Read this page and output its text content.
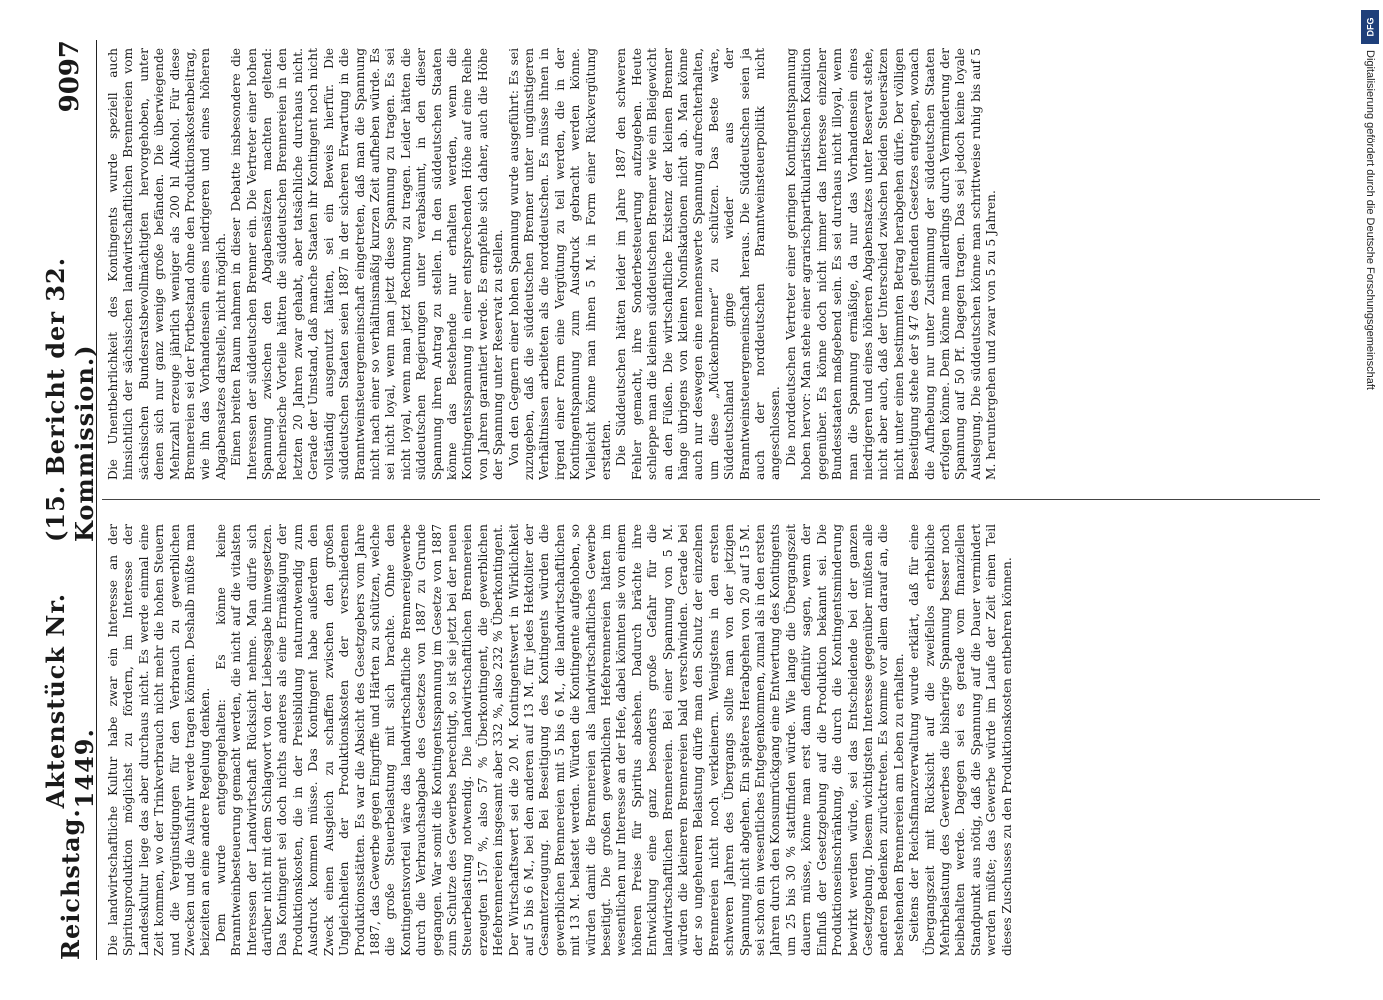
Reichstag.
Aktenstück Nr. 1449.
(15. Bericht der 32. Kommission.)
9097

Die landwirtschaftliche Kultur habe zwar ein Interesse an der Spiritusproduktion möglichst zu fördern, im Interesse der Landeskultur liege das aber durchaus nicht. Es werde einmal eine Zeit kommen, wo der Trinkverbrauch nicht mehr die hohen Steuern und die Vergünstigungen für den Verbrauch zu gewerblichen Zwecken und die Ausfuhr werde tragen können. Deshalb müßte man beizeiten an eine andere Regelung denken. Dem wurde entgegengehalten: Es könne keine Branntweinbesteuerung gemacht werden, die nicht auf die vitalsten Interessen der Landwirtschaft Rücksicht nehme. Man dürfe sich darüber nicht mit dem Schlagwort von der Liebesgabe hinwegsetzen. Das Kontingent sei doch nichts anderes als eine Ermäßigung der Produktionskosten, die in der Preisbildung naturnotwendig zum Ausdruck kommen müsse. Das Kontingent habe außerdem den Zweck einen Ausgleich zu schaffen zwischen den großen Ungleichheiten der Produktionskosten der verschiedenen Produktionsstätten. Es war die Absicht des Gesetzgebers vom Jahre 1887, das Gewerbe gegen Eingriffe und Härten zu schützen, welche die große Steuerbelastung mit sich brachte. Ohne den Kontingentsvorteil wäre das landwirtschaftliche Brennereigewerbe durch die Verbrauchsabgabe des Gesetzes von 1887 zu Grunde gegangen. War somit die Kontingentsspannung im Gesetze von 1887 zum Schutze des Gewerbes berechtigt, so ist sie jetzt bei der neuen Steuerbelastung notwendig. Die landwirtschaftlichen Brennereien erzeugten 157 %, also 57 % Überkontingent, die gewerblichen Hefebrennereien insgesamt aber 332 %, also 232 % Überkontingent. Der Wirtschaftswert sei die 20 M. Kontingentswert in Wirklichkeit auf 5 bis 6 M., bei den anderen auf 13 M. für jedes Hektoliter der Gesamterzeugung. Bei Beseitigung des Kontingents würden die gewerblichen Brennereien mit 5 bis 6 M., die landwirtschaftlichen mit 13 M. belastet werden. Würden die Kontingente aufgehoben, so würden damit die Brennereien als landwirtschaftliches Gewerbe beseitigt. Die großen gewerblichen Hefebrennereien hätten im wesentlichen nur Interesse an der Hefe, dabei könnten sie von einem höheren Preise für Spiritus absehen. Dadurch brächte ihre Entwicklung eine ganz besonders große Gefahr für die landwirtschaftlichen Brennereien. Bei einer Spannung von 5 M. würden die kleineren Brennereien bald verschwinden. Gerade bei der so ungeheuren Belastung dürfe man den Schutz der einzelnen Brennereien nicht noch verkleinern. Wenigstens in den ersten schweren Jahren des Übergangs sollte man von der jetzigen Spannung nicht abgehen. Ein späteres Herabgehen von 20 auf 15 M. sei schon ein wesentliches Entgegenkommen, zumal als in den ersten Jahren durch den Konsumrückgang eine Entwertung des Kontingents um 25 bis 30 % stattfinden würde. Wie lange die Übergangszeit dauern müsse, könne man erst dann definitiv sagen, wenn der Einfluß der Gesetzgebung auf die Produktion bekannt sei. Die Produktionseinschränkung, die durch die Kontingentsminderung bewirkt werden würde, sei das Entscheidende bei der ganzen Gesetzgebung. Diesem wichtigsten Interesse gegenüber müßten alle anderen Bedenken zurücktreten. Es komme vor allem darauf an, die bestehenden Brennereien am Leben zu erhalten. Seitens der Reichsfinanzverwaltung wurde erklärt, daß für eine Übergangszeit mit Rücksicht auf die zweifellos erhebliche Mehrbelastung des Gewerbes die bisherige Spannung besser noch beibehalten werde. Dagegen sei es gerade vom finanziellen Standpunkt aus nötig, daß die Spannung auf die Dauer vermindert werden müßte; das Gewerbe würde im Laufe der Zeit einen Teil dieses Zuschusses zu den Produktionskosten entbehren können.

Die Unentbehrlichkeit des Kontingents wurde speziell auch hinsichtlich der sächsischen landwirtschaftlichen Brennereien vom sächsischen Bundesratsbevollmächtigten hervorgehoben, unter denen sich nur ganz wenige große befänden. Die überwiegende Mehrzahl erzeuge jährlich weniger als 200 hl Alkohol. Für diese Brennereien sei der Fortbestand ohne den Produktionskostenbeitrag, wie ihn das Vorhandensein eines niedrigeren und eines höheren Abgabensatzes darstelle, nicht möglich. Einen breiten Raum nahmen in dieser Debatte insbesondere die Interessen der süddeutschen Brenner ein. Die Vertreter einer hohen Spannung zwischen den Abgabensätzen machten geltend: Rechnerische Vorteile hätten die süddeutschen Brennereien in den letzten 20 Jahren zwar gehabt, aber tatsächliche durchaus nicht. Gerade der Umstand, daß manche Staaten ihr Kontingent noch nicht vollständig ausgenutzt hätten, sei ein Beweis hierfür. Die süddeutschen Staaten seien 1887 in der sicheren Erwartung in die Branntweinsteuergemeinschaft eingetreten, daß man die Spannung nicht nach einer so verhältnismäßig kurzen Zeit aufheben würde. Es sei nicht loyal, wenn man jetzt diese Spannung zu tragen. Es sei nicht loyal, wenn man jetzt Rechnung zu tragen. Leider hätten die süddeutschen Regierungen unter verabsäumt, in den dieser Spannung ihren Antrag zu stellen. In den süddeutschen Staaten könne das Bestehende nur erhalten werden, wenn die Kontingentsspannung in einer entsprechenden Höhe auf eine Reihe von Jahren garantiert werde. Es empfehle sich daher, auch die Höhe der Spannung unter Reservat zu stellen. Von den Gegnern einer hohen Spannung wurde ausgeführt: Es sei zuzugeben, daß die süddeutschen Brenner unter ungünstigeren Verhältnissen arbeiteten als die norddeutschen. Es müsse ihnen in irgend einer Form eine Vergütung zu teil werden, die in der Kontingentspannung zum Ausdruck gebracht werden könne. Vielleicht könne man ihnen 5 M. in Form einer Rückvergütung erstatten. Die Süddeutschen hätten leider im Jahre 1887 den schweren Fehler gemacht, ihre Sonderbesteuerung aufzugeben. Heute schleppe man die kleinen süddeutschen Brenner wie ein Bleigewicht an den Füßen. Die wirtschaftliche Existenz der kleinen Brenner hänge übrigens von kleinen Nonfiskationen nicht ab. Man könne auch nur deswegen eine nennenswerte Spannung aufrechterhalten, um diese „Mückenbrenner“ zu schützen. Das Beste wäre, Süddeutschland ginge wieder aus der Branntweinsteuergemeinschaft heraus. Die Süddeutschen seien ja auch der norddeutschen Branntweinsteuerpolitik nicht angeschlossen. Die norddeutschen Vertreter einer geringen Kontingentspannung hoben hervor: Man stehe einer agrarischpartikularistischen Koalition gegenüber. Es könne doch nicht immer das Interesse einzelner Bundesstaaten maßgebend sein. Es sei durchaus nicht illoyal, wenn man die Spannung ermäßige, da nur das Vorhandensein eines niedrigeren und eines höheren Abgabensatzes unter Reservat stehe, nicht aber auch, daß der Unterschied zwischen beiden Steuersätzen nicht unter einen bestimmten Betrag herabgehen dürfe. Der völligen Beseitigung stehe der § 47 des geltenden Gesetzes entgegen, wonach die Aufhebung nur unter Zustimmung der süddeutschen Staaten erfolgen könne. Dem könne man allerdings durch Verminderung der Spannung auf 50 Pf. Dagegen tragen. Das sei jedoch keine loyale Auslegung. Die süddeutschen könne man schrittweise ruhig bis auf 5 M. heruntergehen und zwar von 5 zu 5 Jahren.

DFG
Digitalisierung gefördert durch die Deutsche Forschungsgemeinschaft
